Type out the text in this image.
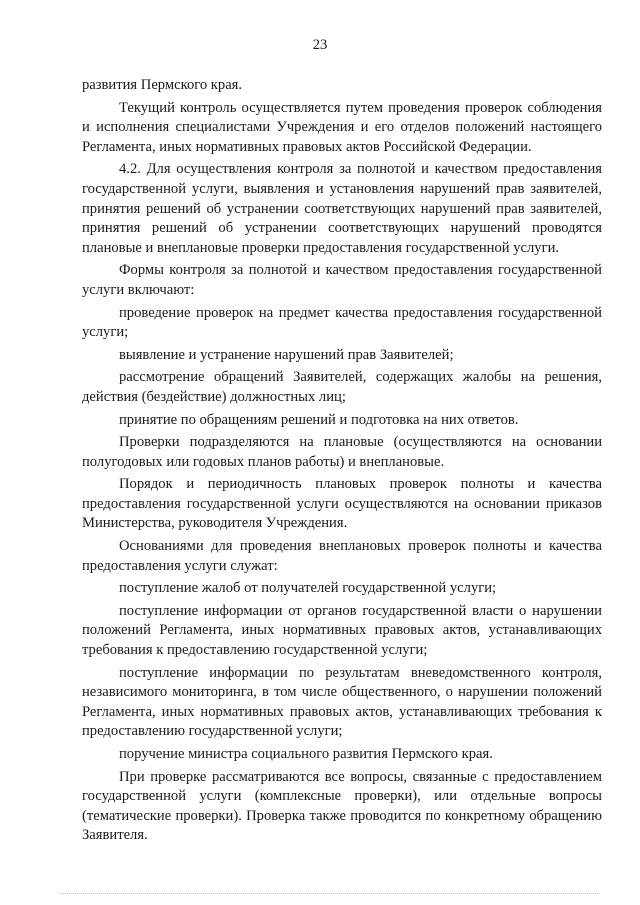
23

развития Пермского края.

Текущий контроль осуществляется путем проведения проверок соблюдения и исполнения специалистами Учреждения и его отделов положений настоящего Регламента, иных нормативных правовых актов Российской Федерации.

4.2. Для осуществления контроля за полнотой и качеством предоставления государственной услуги, выявления и установления нарушений прав заявителей, принятия решений об устранении соответствующих нарушений прав заявителей, принятия решений об устранении соответствующих нарушений проводятся плановые и внеплановые проверки предоставления государственной услуги.

Формы контроля за полнотой и качеством предоставления государственной услуги включают:

проведение проверок на предмет качества предоставления государственной услуги;

выявление и устранение нарушений прав Заявителей;

рассмотрение обращений Заявителей, содержащих жалобы на решения, действия (бездействие) должностных лиц;

принятие по обращениям решений и подготовка на них ответов.

Проверки подразделяются на плановые (осуществляются на основании полугодовых или годовых планов работы) и внеплановые.

Порядок и периодичность плановых проверок полноты и качества предоставления государственной услуги осуществляются на основании приказов Министерства, руководителя Учреждения.

Основаниями для проведения внеплановых проверок полноты и качества предоставления услуги служат:

поступление жалоб от получателей государственной услуги;

поступление информации от органов государственной власти о нарушении положений Регламента, иных нормативных правовых актов, устанавливающих требования к предоставлению государственной услуги;

поступление информации по результатам вневедомственного контроля, независимого мониторинга, в том числе общественного, о нарушении положений Регламента, иных нормативных правовых актов, устанавливающих требования к предоставлению государственной услуги;

поручение министра социального развития Пермского края.

При проверке рассматриваются все вопросы, связанные с предоставлением государственной услуги (комплексные проверки), или отдельные вопросы (тематические проверки). Проверка также проводится по конкретному обращению Заявителя.
